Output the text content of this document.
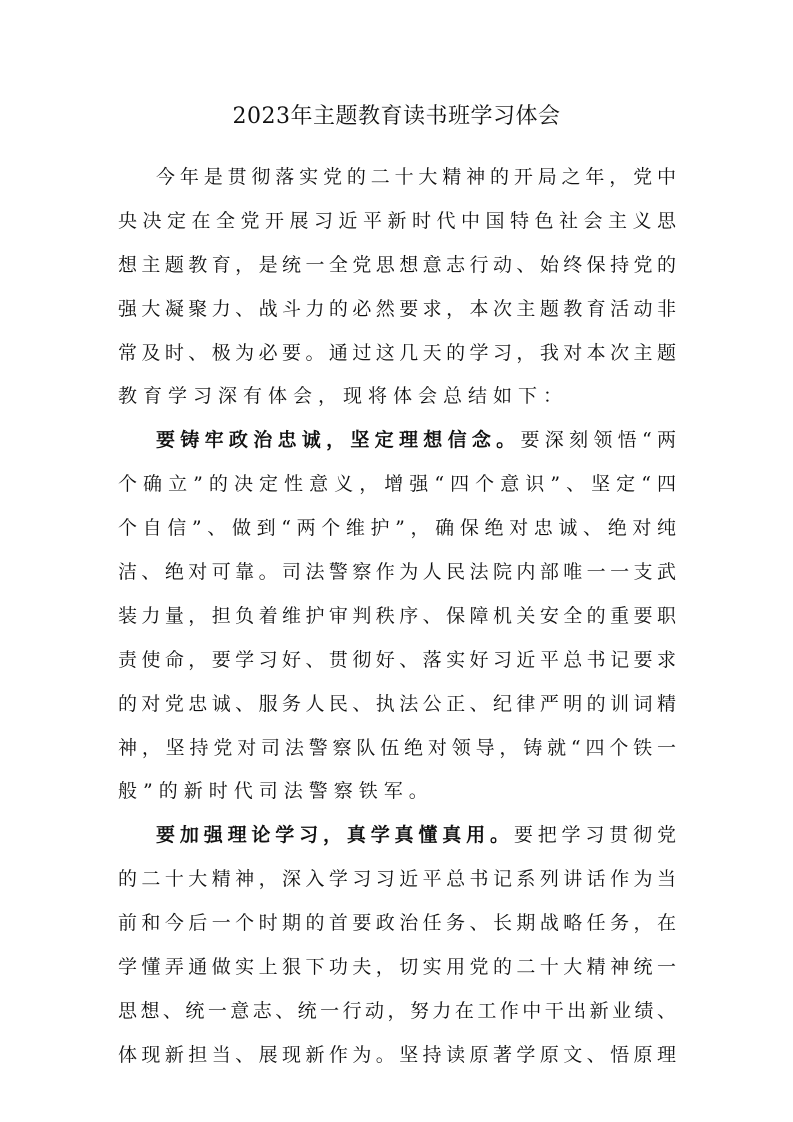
2023年主题教育读书班学习体会
今年是贯彻落实党的二十大精神的开局之年，党中
央决定在全党开展习近平新时代中国特色社会主义思
想主题教育，是统一全党思想意志行动、始终保持党的
强大凝聚力、战斗力的必然要求，本次主题教育活动非
常及时、极为必要。通过这几天的学习，我对本次主题
教育学习深有体会，现将体会总结如下：
要铸牢政治忠诚，坚定理想信念。要深刻领悟“两
个确立”的决定性意义，增强“四个意识”、坚定“四
个自信”、做到“两个维护”，确保绝对忠诚、绝对纯
洁、绝对可靠。司法警察作为人民法院内部唯一一支武
装力量，担负着维护审判秩序、保障机关安全的重要职
责使命，要学习好、贯彻好、落实好习近平总书记要求
的对党忠诚、服务人民、执法公正、纪律严明的训词精
神，坚持党对司法警察队伍绝对领导，铸就“四个铁一
般”的新时代司法警察铁军。
要加强理论学习，真学真懂真用。要把学习贯彻党
的二十大精神，深入学习习近平总书记系列讲话作为当
前和今后一个时期的首要政治任务、长期战略任务，在
学懂弄通做实上狠下功夫，切实用党的二十大精神统一
思想、统一意志、统一行动，努力在工作中干出新业绩、
体现新担当、展现新作为。坚持读原著学原文、悟原理
